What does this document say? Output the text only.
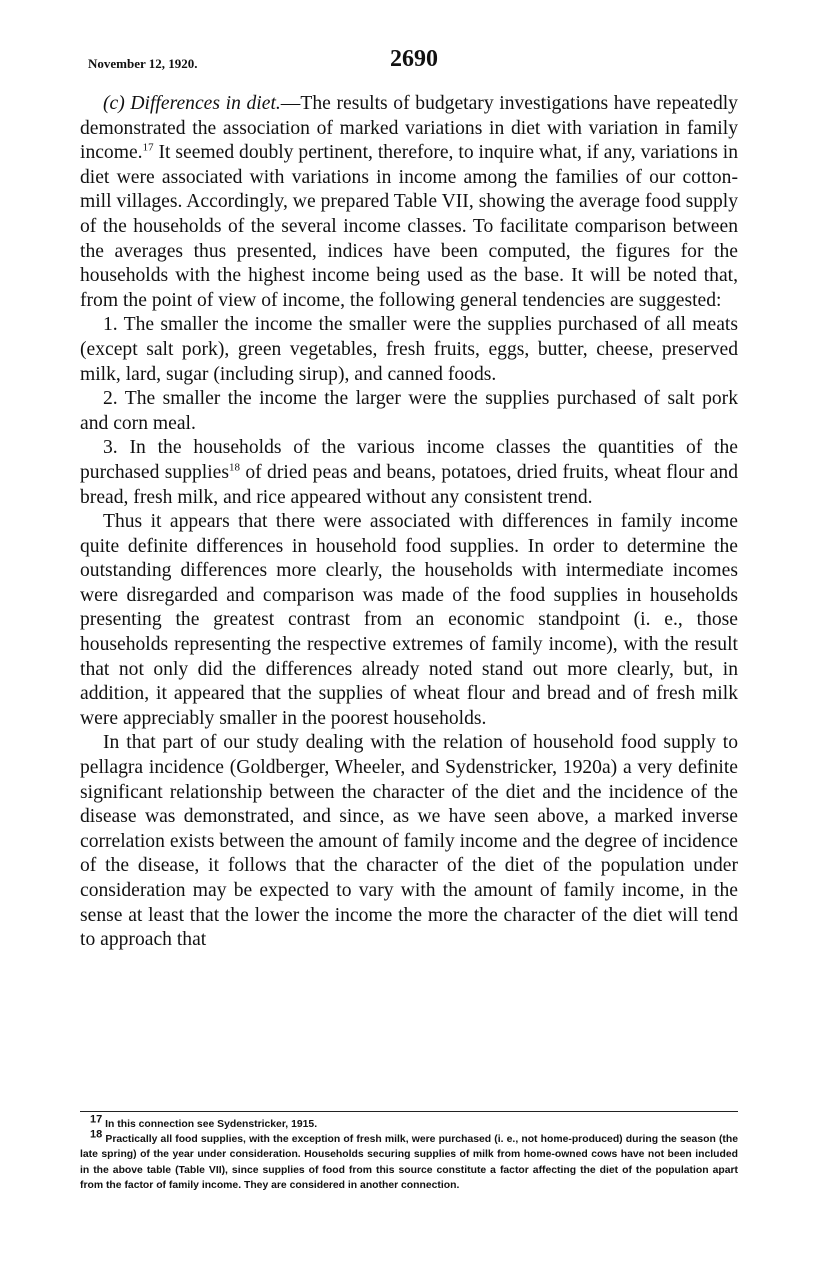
November 12, 1920.	2690

(c) Differences in diet.—The results of budgetary investigations have repeatedly demonstrated the association of marked variations in diet with variation in family income.$^{17}$ It seemed doubly pertinent, therefore, to inquire what, if any, variations in diet were associated with variations in income among the families of our cotton-mill villages. Accordingly, we prepared Table VII, showing the average food supply of the households of the several income classes. To facilitate comparison between the averages thus presented, indices have been computed, the figures for the households with the highest income being used as the base. It will be noted that, from the point of view of income, the following general tendencies are suggested:

1. The smaller the income the smaller were the supplies purchased of all meats (except salt pork), green vegetables, fresh fruits, eggs, butter, cheese, preserved milk, lard, sugar (including sirup), and canned foods.

2. The smaller the income the larger were the supplies purchased of salt pork and corn meal.

3. In the households of the various income classes the quantities of the purchased supplies$^{18}$ of dried peas and beans, potatoes, dried fruits, wheat flour and bread, fresh milk, and rice appeared without any consistent trend.

Thus it appears that there were associated with differences in family income quite definite differences in household food supplies. In order to determine the outstanding differences more clearly, the households with intermediate incomes were disregarded and comparison was made of the food supplies in households presenting the greatest contrast from an economic standpoint (i. e., those households representing the respective extremes of family income), with the result that not only did the differences already noted stand out more clearly, but, in addition, it appeared that the supplies of wheat flour and bread and of fresh milk were appreciably smaller in the poorest households.

In that part of our study dealing with the relation of household food supply to pellagra incidence (Goldberger, Wheeler, and Sydenstricker, 1920a) a very definite significant relationship between the character of the diet and the incidence of the disease was demonstrated, and since, as we have seen above, a marked inverse correlation exists between the amount of family income and the degree of incidence of the disease, it follows that the character of the diet of the population under consideration may be expected to vary with the amount of family income, in the sense at least that the lower the income the more the character of the diet will tend to approach that

$^{17}$ In this connection see Sydenstricker, 1915.

$^{18}$ Practically all food supplies, with the exception of fresh milk, were purchased (i. e., not home-produced) during the season (the late spring) of the year under consideration. Households securing supplies of milk from home-owned cows have not been included in the above table (Table VII), since supplies of food from this source constitute a factor affecting the diet of the population apart from the factor of family income. They are considered in another connection.
